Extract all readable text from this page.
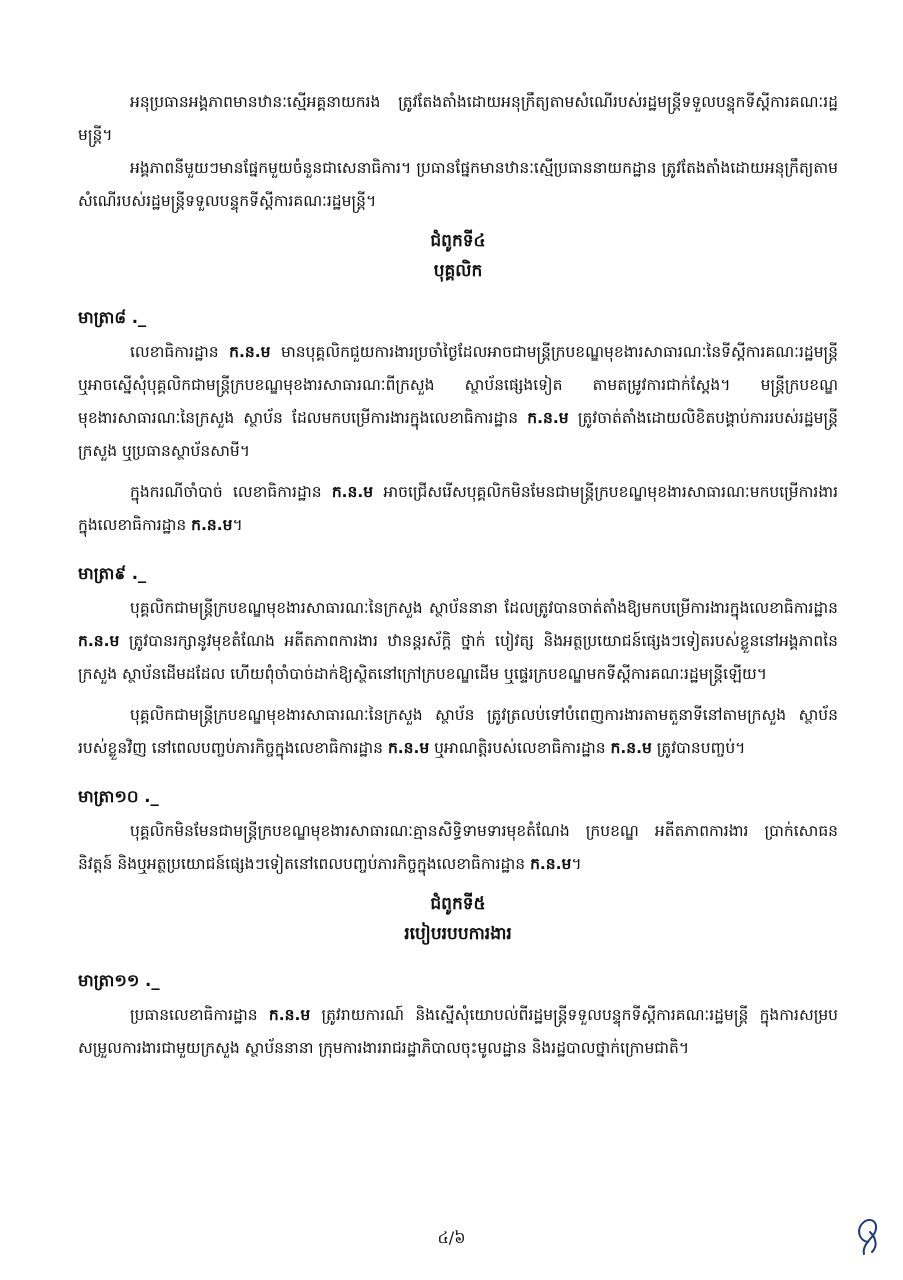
អនុប្រធានអង្គភាពមានឋានៈស្មើអគ្គនាយករង ត្រូវតែងតាំងដោយអនុក្រឹត្យតាមសំណើរបស់រដ្ឋមន្ត្រីទទួលបន្ទុកទីស្តីការគណៈរដ្ឋមន្ត្រី។

អង្គភាពនីមួយៗមានផ្នែកមួយចំនួនជាសេនាធិការ។ ប្រធានផ្នែកមានឋានៈស្មើប្រធាននាយកដ្ឋាន ត្រូវតែងតាំងដោយអនុក្រឹត្យតាមសំណើរបស់រដ្ឋមន្ត្រីទទួលបន្ទុកទីស្តីការគណៈរដ្ឋមន្ត្រី។

ជំពូកទី៤

បុគ្គលិក

មាត្រា៨ ._

លេខាធិការដ្ឋាន ក.ន.ម មានបុគ្គលិកជួយការងារប្រចាំថ្ងៃដែលអាចជាមន្ត្រីក្របខណ្ឌមុខងារសាធារណៈនៃទីស្តីការគណៈរដ្ឋមន្ត្រី ឬអាចស្នើសុំបុគ្គលិកជាមន្ត្រីក្របខណ្ឌមុខងារសាធារណៈពីក្រសួង ស្ថាប័នផ្សេងទៀត តាមតម្រូវការជាក់ស្តែង។ មន្ត្រីក្របខណ្ឌមុខងារសាធារណៈនៃក្រសួង ស្ថាប័ន ដែលមកបម្រើការងារក្នុងលេខាធិការដ្ឋាន ក.ន.ម ត្រូវចាត់តាំងដោយលិខិតបង្គាប់ការរបស់រដ្ឋមន្ត្រីក្រសួង ឬប្រធានស្ថាប័នសាមី។

ក្នុងករណីចាំបាច់ លេខាធិការដ្ឋាន ក.ន.ម អាចជ្រើសរើសបុគ្គលិកមិនមែនជាមន្ត្រីក្របខណ្ឌមុខងារសាធារណៈមកបម្រើការងារក្នុងលេខាធិការដ្ឋាន ក.ន.ម។

មាត្រា៩ ._

បុគ្គលិកជាមន្ត្រីក្របខណ្ឌមុខងារសាធារណៈនៃក្រសួង ស្ថាប័ននានា ដែលត្រូវបានចាត់តាំងឱ្យមកបម្រើការងារក្នុងលេខាធិការដ្ឋាន ក.ន.ម ត្រូវបានរក្សានូវមុខតំណែង អតីតភាពការងារ ឋានន្តរស័ក្តិ ថ្នាក់ បៀវត្ស និងអត្ថប្រយោជន៍ផ្សេងៗទៀតរបស់ខ្លួននៅអង្គភាពនៃក្រសួង ស្ថាប័នដើមដដែល ហើយពុំចាំបាច់ដាក់ឱ្យស្ថិតនៅក្រៅក្របខណ្ឌដើម ឬផ្ទេរក្របខណ្ឌមកទីស្តីការគណៈរដ្ឋមន្ត្រីឡើយ។

បុគ្គលិកជាមន្ត្រីក្របខណ្ឌមុខងារសាធារណៈនៃក្រសួង ស្ថាប័ន ត្រូវត្រលប់ទៅបំពេញការងារតាមតួនាទីនៅតាមក្រសួង ស្ថាប័នរបស់ខ្លួនវិញ នៅពេលបញ្ចប់ភារកិច្ចក្នុងលេខាធិការដ្ឋាន ក.ន.ម ឬអាណត្តិរបស់លេខាធិការដ្ឋាន ក.ន.ម ត្រូវបានបញ្ចប់។

មាត្រា១០ ._

បុគ្គលិកមិនមែនជាមន្ត្រីក្របខណ្ឌមុខងារសាធារណៈគ្មានសិទ្ធិទាមទារមុខតំណែង ក្របខណ្ឌ អតីតភាពការងារ ប្រាក់សោធននិវត្តន៍ និងឬអត្ថប្រយោជន៍ផ្សេងៗទៀតនៅពេលបញ្ចប់ភារកិច្ចក្នុងលេខាធិការដ្ឋាន ក.ន.ម។

ជំពូកទី៥

របៀបរបបការងារ

មាត្រា១១ ._

ប្រធានលេខាធិការដ្ឋាន ក.ន.ម ត្រូវរាយការណ៍ និងស្នើសុំយោបល់ពីរដ្ឋមន្ត្រីទទួលបន្ទុកទីស្តីការគណៈរដ្ឋមន្ត្រី ក្នុងការសម្របសម្រួលការងារជាមួយក្រសួង ស្ថាប័ននានា ក្រុមការងាររាជរដ្ឋាភិបាលចុះមូលដ្ឋាន និងរដ្ឋបាលថ្នាក់ក្រោមជាតិ។

៤/៦
